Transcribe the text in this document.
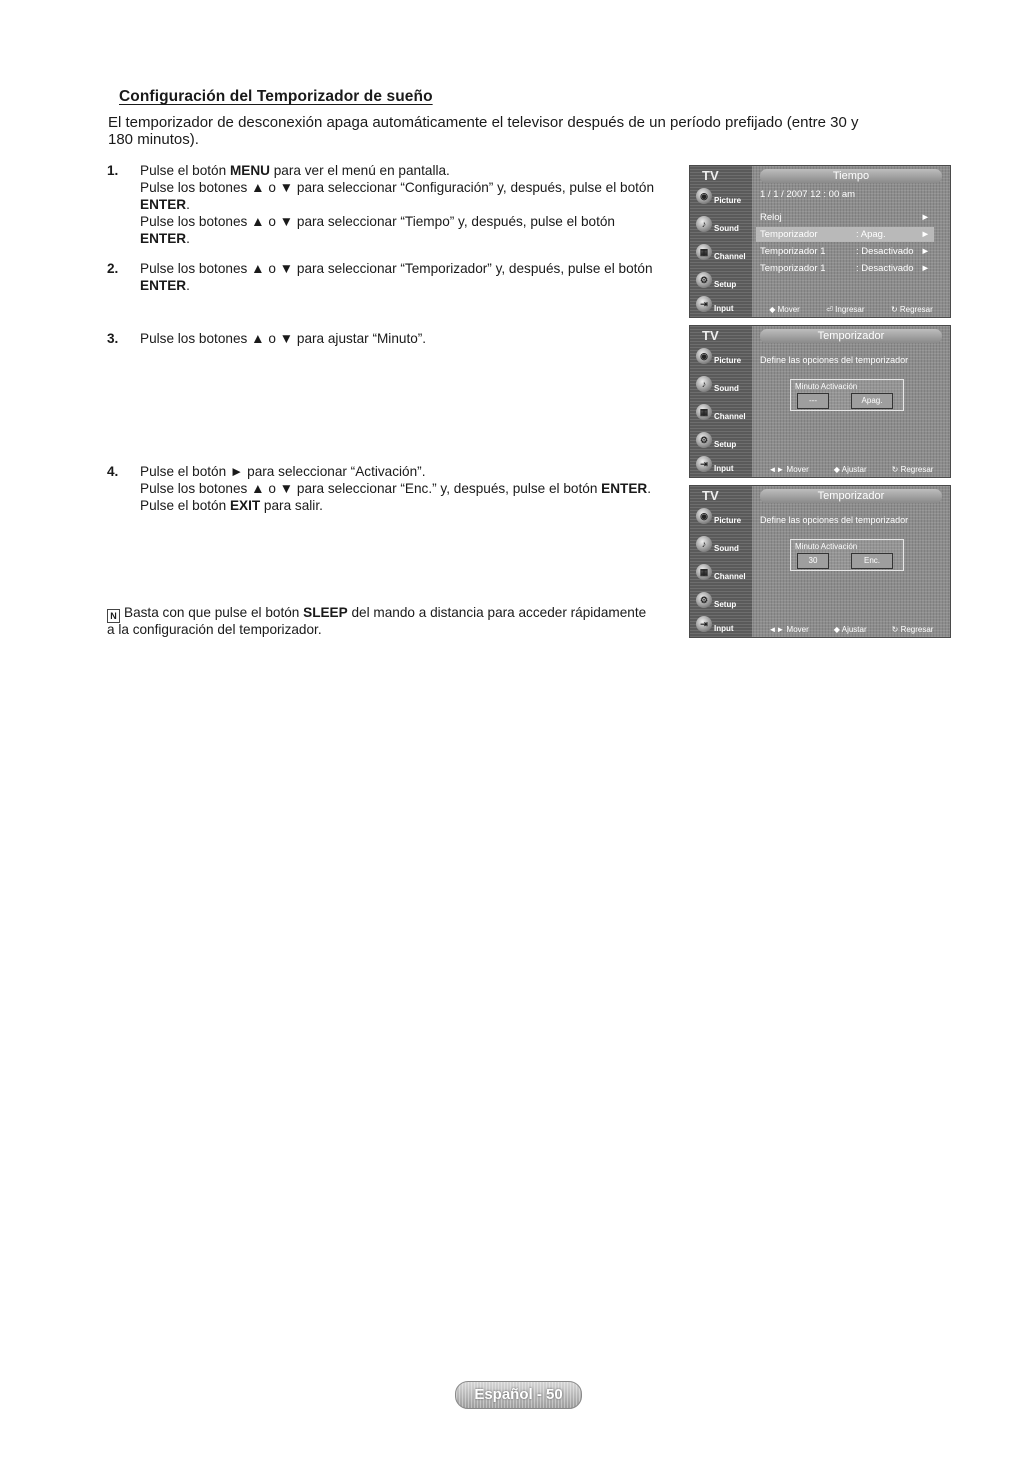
Configuración del Temporizador de sueño
El temporizador de desconexión apaga automáticamente el televisor después de un período prefijado (entre 30 y 180 minutos).
1. Pulse el botón MENU para ver el menú en pantalla.
Pulse los botones ▲ o ▼ para seleccionar “Configuración” y, después, pulse el botón ENTER.
Pulse los botones ▲ o ▼ para seleccionar “Tiempo” y, después, pulse el botón ENTER.
2. Pulse los botones ▲ o ▼ para seleccionar “Temporizador” y, después, pulse el botón ENTER.
3. Pulse los botones ▲ o ▼ para ajustar “Minuto”.
4. Pulse el botón ► para seleccionar “Activación”.
Pulse los botones ▲ o ▼ para seleccionar “Enc.” y, después, pulse el botón ENTER.
Pulse el botón EXIT para salir.
N Basta con que pulse el botón SLEEP del mando a distancia para acceder rápidamente a la configuración del temporizador.
TV
◉ Picture
♪ Sound
▦ Channel
⚙ Setup
⇥ Input
Tiempo
1 / 1 / 2007 12 : 00 am
◆ Mover	⏎ Ingresar	↻ Regresar
Reloj	►
Temporizador	: Apag.	►
Temporizador 1	: Desactivado ►
Temporizador 1	: Desactivado ►
TV
◉ Picture
♪ Sound
▦ Channel
⚙ Setup
⇥ Input
Temporizador
Define las opciones del temporizador
Minuto Activación
---	Apag.
◄► Mover	◆ Ajustar	↻ Regresar
TV
◉ Picture
♪ Sound
▦ Channel
⚙ Setup
⇥ Input
Temporizador
Define las opciones del temporizador
Minuto Activación
30	Enc.
◄► Mover	◆ Ajustar	↻ Regresar
Español - 50
